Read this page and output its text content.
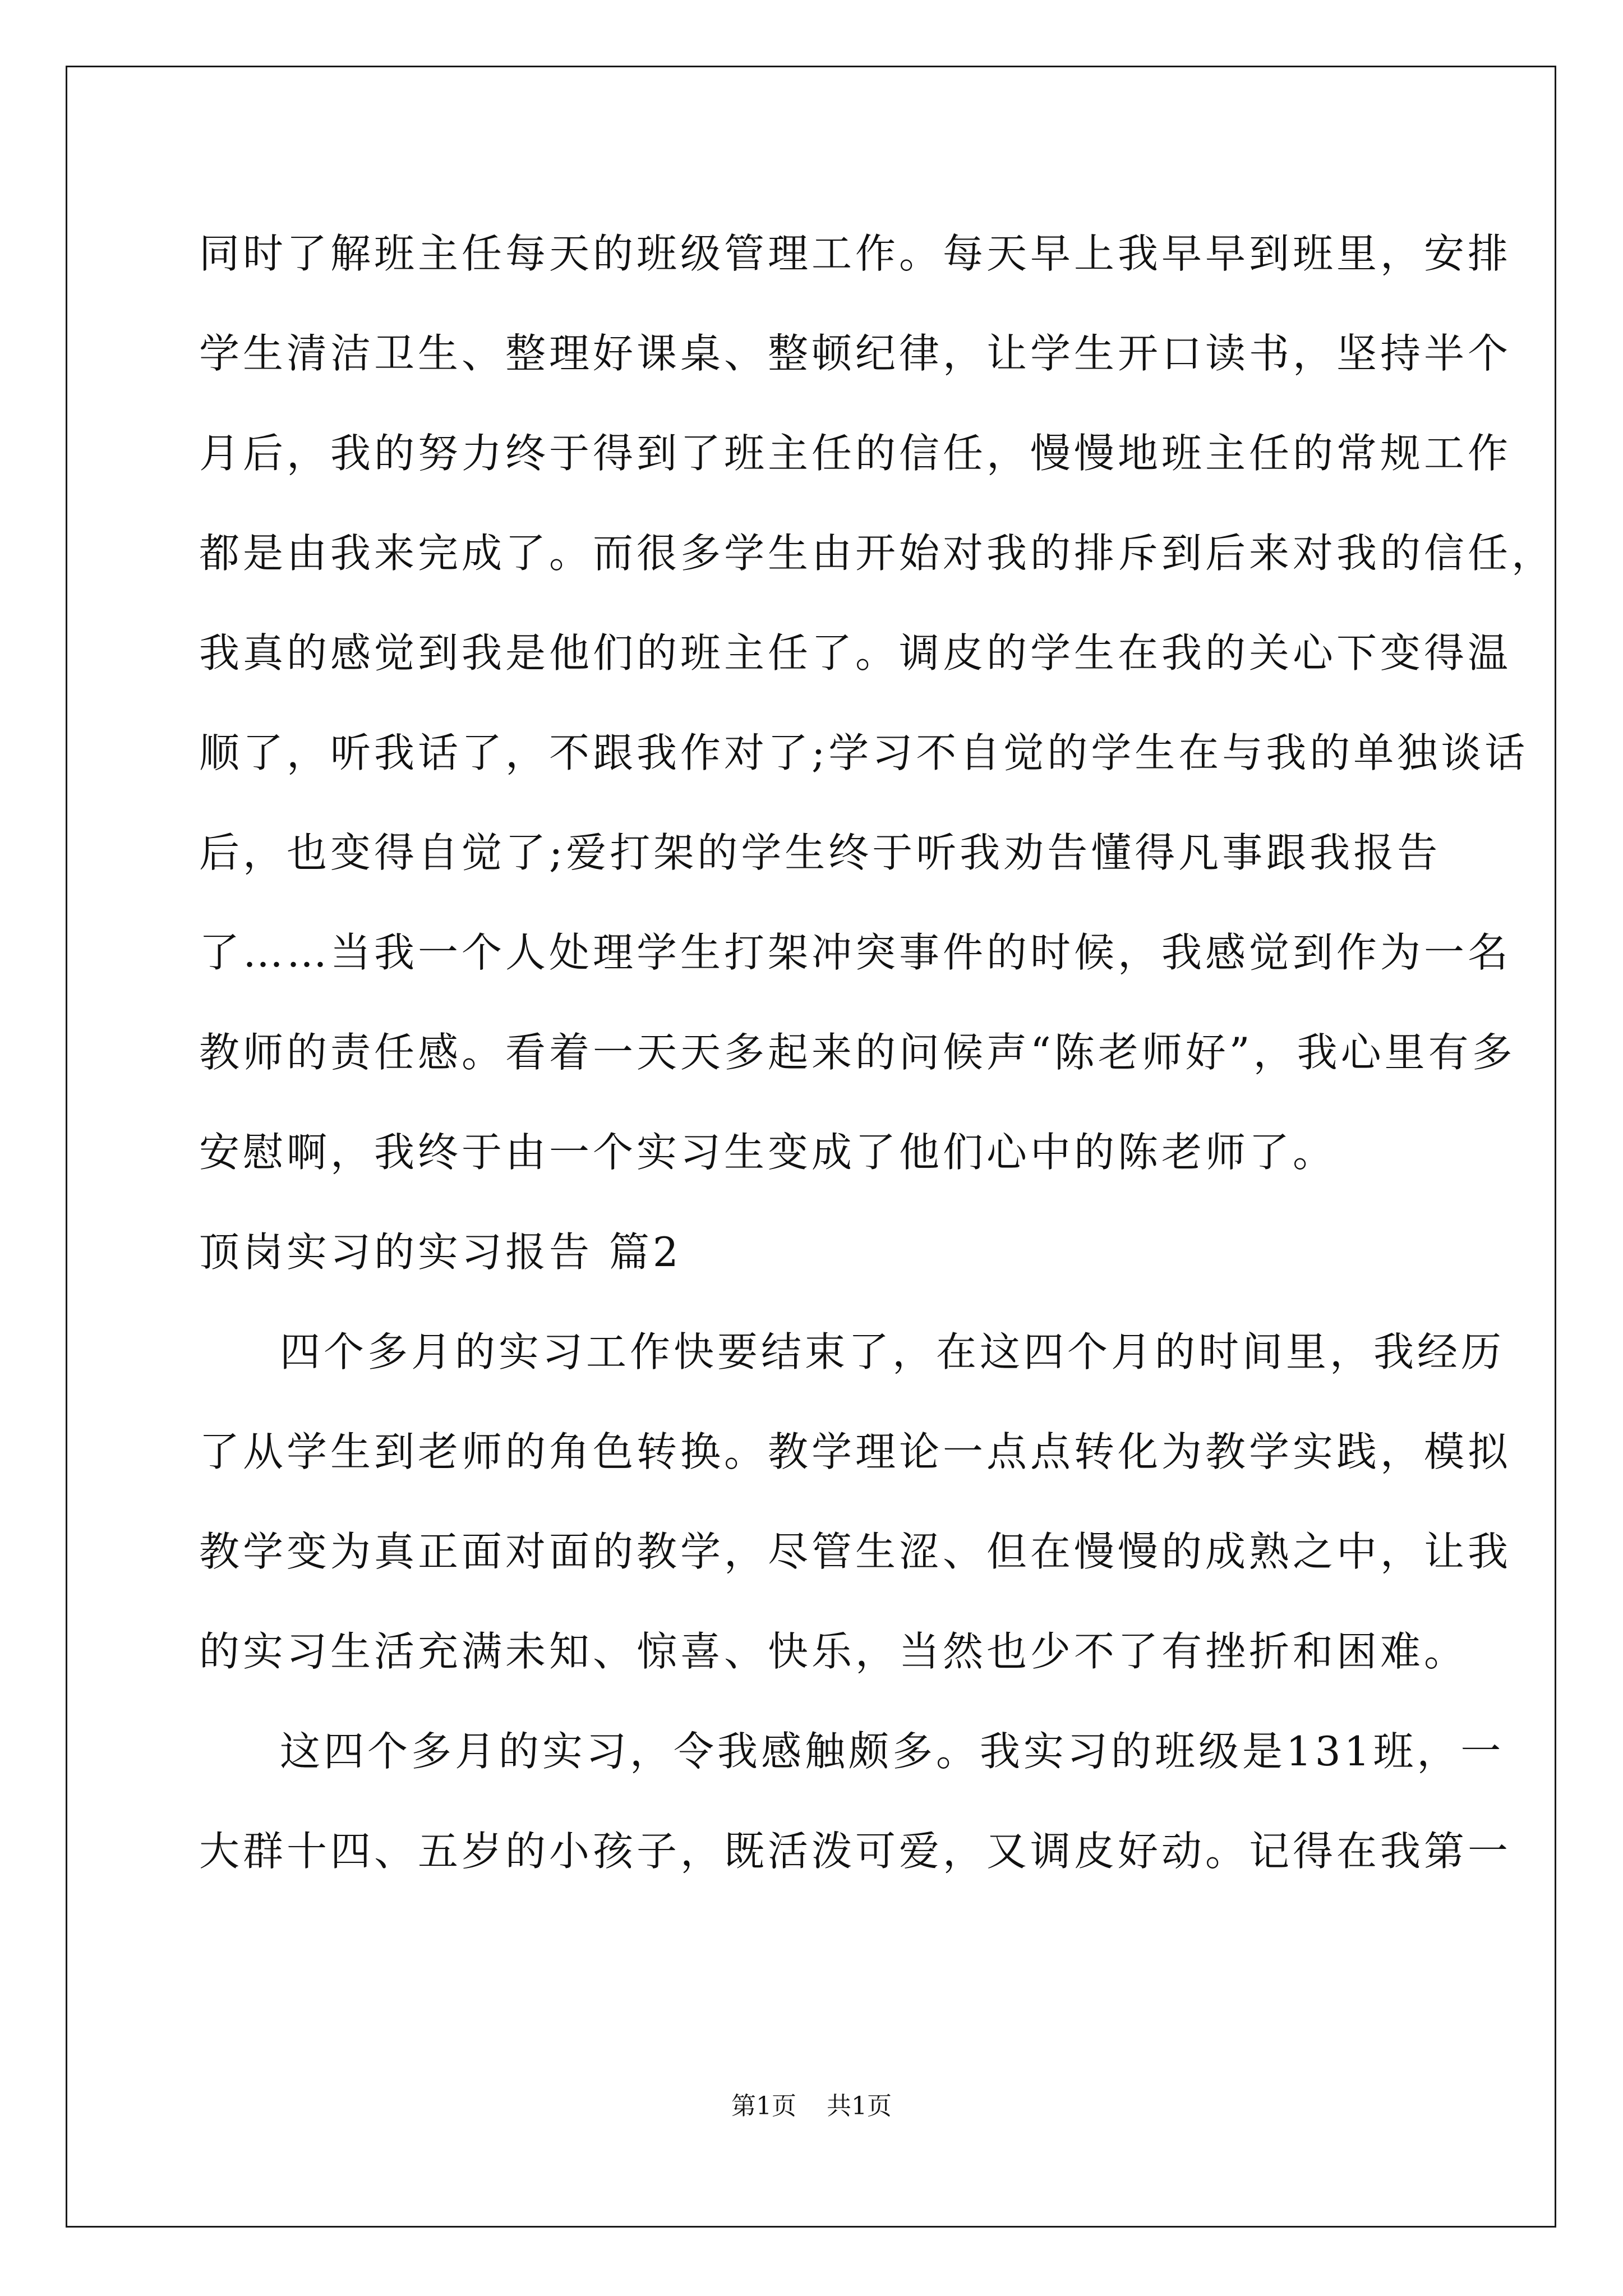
同时了解班主任每天的班级管理工作。每天早上我早早到班里，安排
学生清洁卫生、整理好课桌、整顿纪律，让学生开口读书，坚持半个
月后，我的努力终于得到了班主任的信任，慢慢地班主任的常规工作
都是由我来完成了。而很多学生由开始对我的排斥到后来对我的信任，
我真的感觉到我是他们的班主任了。调皮的学生在我的关心下变得温
顺了，听我话了，不跟我作对了;学习不自觉的学生在与我的单独谈话
后，也变得自觉了;爱打架的学生终于听我劝告懂得凡事跟我报告
了……当我一个人处理学生打架冲突事件的时候，我感觉到作为一名
教师的责任感。看着一天天多起来的问候声“陈老师好”，我心里有多
安慰啊，我终于由一个实习生变成了他们心中的陈老师了。
顶岗实习的实习报告 篇2
四个多月的实习工作快要结束了，在这四个月的时间里，我经历
了从学生到老师的角色转换。教学理论一点点转化为教学实践，模拟
教学变为真正面对面的教学，尽管生涩、但在慢慢的成熟之中，让我
的实习生活充满未知、惊喜、快乐，当然也少不了有挫折和困难。
这四个多月的实习，令我感触颇多。我实习的班级是131班，一
大群十四、五岁的小孩子，既活泼可爱，又调皮好动。记得在我第一
第1页 共1页
